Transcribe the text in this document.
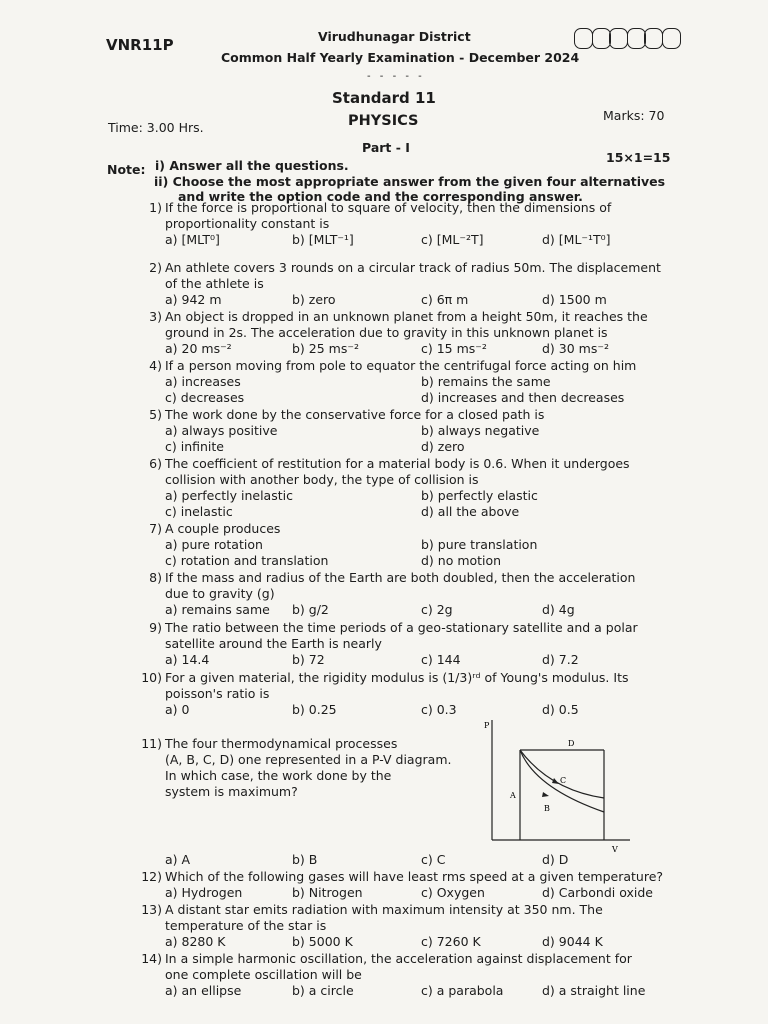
VNR11P	Virudhunagar District
Common Half Yearly Examination - December 2024
- - - - -
Standard 11
Time: 3.00 Hrs.	PHYSICS	Marks: 70
Part - I
15×1=15
Note: i) Answer all the questions.
ii) Choose the most appropriate answer from the given four alternatives
and write the option code and the corresponding answer.
1) If the force is proportional to square of velocity, then the dimensions of
proportionality constant is
a) [MLT⁰]	b) [MLT⁻¹]	c) [ML⁻²T]	d) [ML⁻¹T⁰]
2) An athlete covers 3 rounds on a circular track of radius 50m. The displacement
of the athlete is
a) 942 m	b) zero	c) 6π m	d) 1500 m
3) An object is dropped in an unknown planet from a height 50m, it reaches the
ground in 2s. The acceleration due to gravity in this unknown planet is
a) 20 ms⁻²	b) 25 ms⁻²	c) 15 ms⁻²	d) 30 ms⁻²
4) If a person moving from pole to equator the centrifugal force acting on him
a) increases	b) remains the same
c) decreases	d) increases and then decreases
5) The work done by the conservative force for a closed path is
a) always positive	b) always negative
c) infinite	d) zero
6) The coefficient of restitution for a material body is 0.6. When it undergoes
collision with another body, the type of collision is
a) perfectly inelastic	b) perfectly elastic
c) inelastic	d) all the above
7) A couple produces
a) pure rotation	b) pure translation
c) rotation and translation	d) no motion
8) If the mass and radius of the Earth are both doubled, then the acceleration
due to gravity (g)
a) remains same b) g/2	c) 2g	d) 4g
9) The ratio between the time periods of a geo-stationary satellite and a polar
satellite around the Earth is nearly
a) 14.4	b) 72	c) 144	d) 7.2
10) For a given material, the rigidity modulus is (1/3)ʳᵈ of Young's modulus. Its
poisson's ratio is
a) 0	b) 0.25	c) 0.3	d) 0.5
11) The four thermodynamical processes
(A, B, C, D) one represented in a P-V diagram.
In which case, the work done by the
system is maximum?
a) A	b) B	c) C	d) D
12) Which of the following gases will have least rms speed at a given temperature?
a) Hydrogen	b) Nitrogen	c) Oxygen	d) Carbondi oxide
13) A distant star emits radiation with maximum intensity at 350 nm. The
temperature of the star is
a) 8280 K	b) 5000 K	c) 7260 K	d) 9044 K
14) In a simple harmonic oscillation, the acceleration against displacement for
one complete oscillation will be
a) an ellipse	b) a circle	c) a parabola	d) a straight line
P
V
A
B
C
D
